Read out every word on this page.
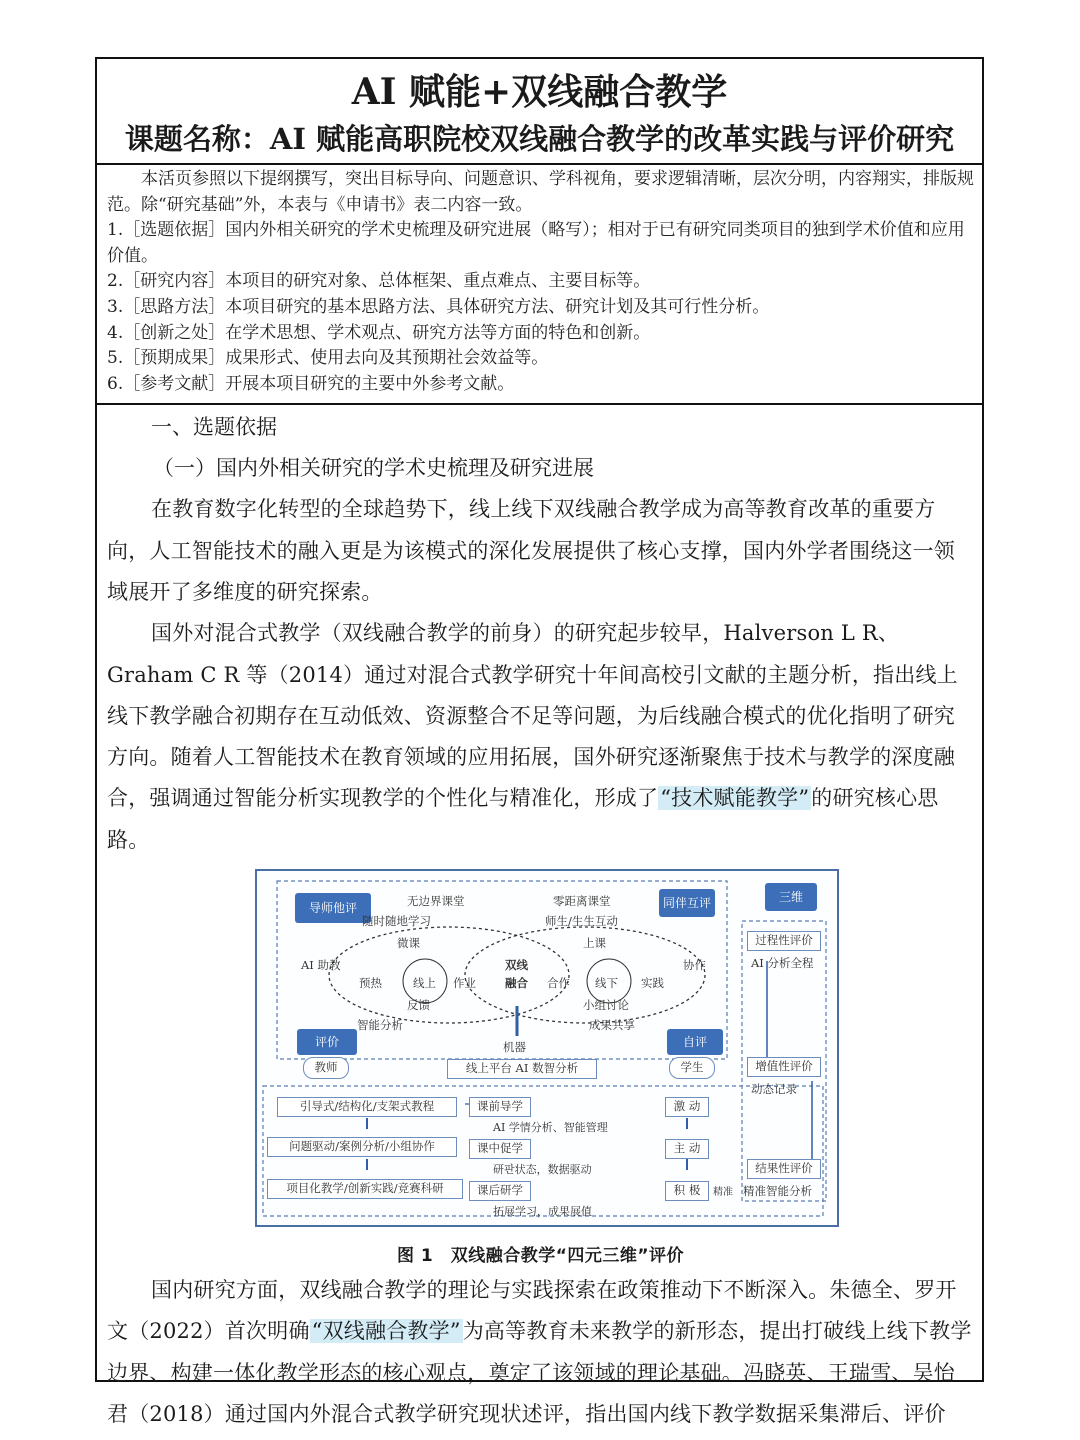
AI 赋能+双线融合教学
课题名称：AI 赋能高职院校双线融合教学的改革实践与评价研究

本活页参照以下提纲撰写，突出目标导向、问题意识、学科视角，要求逻辑清晰，层次分明，内容翔实，排版规范。除“研究基础”外，本表与《申请书》表二内容一致。

1.［选题依据］国内外相关研究的学术史梳理及研究进展（略写）；相对于已有研究同类项目的独到学术价值和应用价值。

2.［研究内容］本项目的研究对象、总体框架、重点难点、主要目标等。

3.［思路方法］本项目研究的基本思路方法、具体研究方法、研究计划及其可行性分析。

4.［创新之处］在学术思想、学术观点、研究方法等方面的特色和创新。

5.［预期成果］成果形式、使用去向及其预期社会效益等。

6.［参考文献］开展本项目研究的主要中外参考文献。

一、选题依据

（一）国内外相关研究的学术史梳理及研究进展

在教育数字化转型的全球趋势下，线上线下双线融合教学成为高等教育改革的重要方向，人工智能技术的融入更是为该模式的深化发展提供了核心支撑，国内外学者围绕这一领域展开了多维度的研究探索。

国外对混合式教学（双线融合教学的前身）的研究起步较早，Halverson L R、Graham C R 等（2014）通过对混合式教学研究十年间高校引文献的主题分析，指出线上线下教学融合初期存在互动低效、资源整合不足等问题，为后线融合模式的优化指明了研究方向。随着人工智能技术在教育领域的应用拓展，国外研究逐渐聚焦于技术与教学的深度融合，强调通过智能分析实现教学的个性化与精准化，形成了“技术赋能教学”的研究核心思路。

导师他评	同伴互评	三维
无边界课堂
随时随地学习
零距离课堂
师生/生生互动
微课	上课
AI 助教	协作
预热	线上 作业
双线
融合 合作 线下 实践
反馈	小组讨论
智能分析	成果共享
评价	自评
教师	学生
机器
线上平台 AI 数智分析
引导式/结构化/支架式教程
问题驱动/案例分析/小组协作
项目化教学/创新实践/竞赛科研
课前导学
AI 学情分析、智能管理
课中促学
研판状态，数据驱动
课后研学
拓展学习，成果展值
激 动
主 动
积 极
过程性评价
AI 分析全程
增值性评价
动态记录
结果性评价
精准智能分析
精准
图 1　双线融合教学“四元三维”评价

国内研究方面，双线融合教学的理论与实践探索在政策推动下不断深入。朱德全、罗开文（2022）首次明确“双线融合教学”为高等教育未来教学的新形态，提出打破线上线下教学边界、构建一体化教学形态的核心观点，奠定了该领域的理论基础。冯晓英、王瑞雪、吴怡君（2018）通过国内外混合式教学研究现状述评，指出国内线下教学数据采集滞后、评价
